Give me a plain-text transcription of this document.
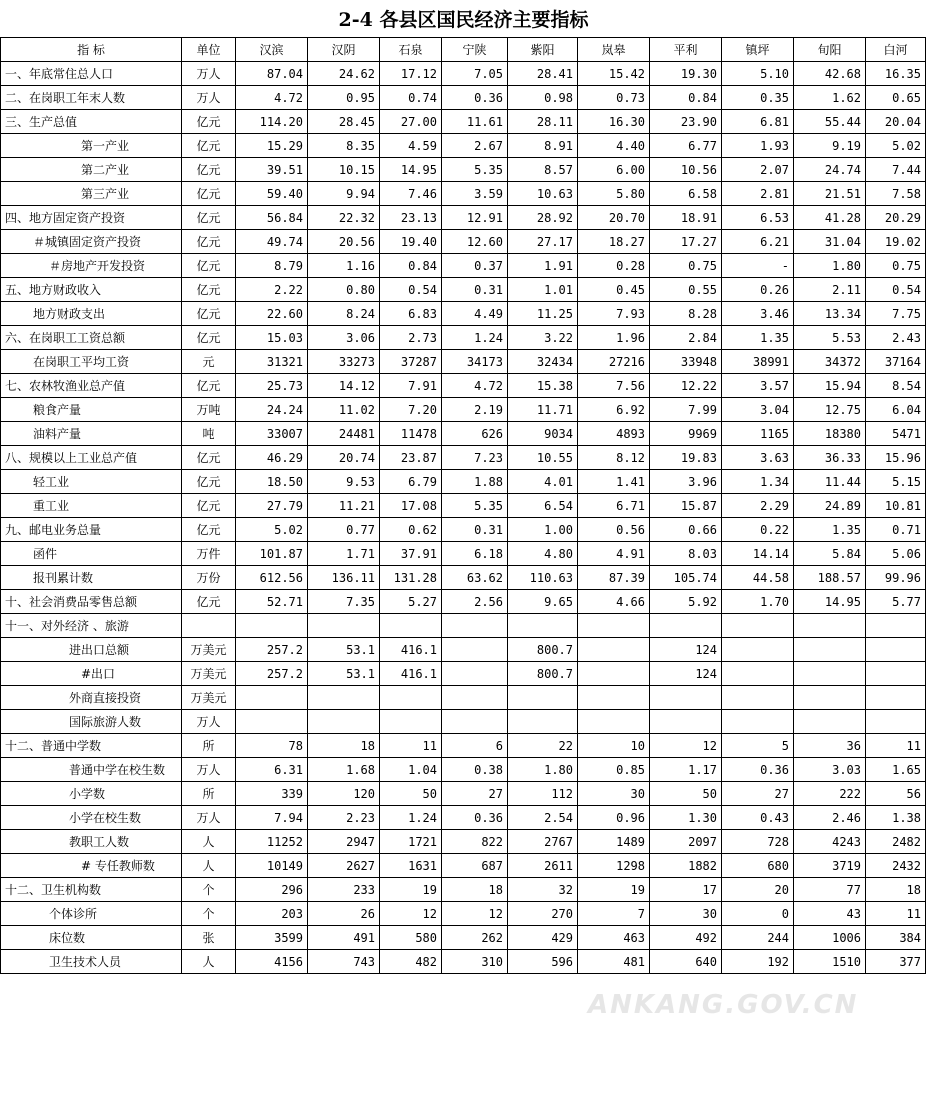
2-4 各县区国民经济主要指标
指 标	单位	汉滨	汉阴	石泉	宁陕	紫阳	岚皋	平利	镇坪	旬阳	白河
一、年底常住总人口	万人	87.04	24.62	17.12	7.05	28.41	15.42	19.30	5.10	42.68	16.35
二、在岗职工年末人数	万人	4.72	0.95	0.74	0.36	0.98	0.73	0.84	0.35	1.62	0.65
三、生产总值	亿元	114.20	28.45	27.00	11.61	28.11	16.30	23.90	6.81	55.44	20.04
第一产业	亿元	15.29	8.35	4.59	2.67	8.91	4.40	6.77	1.93	9.19	5.02
第二产业	亿元	39.51	10.15	14.95	5.35	8.57	6.00	10.56	2.07	24.74	7.44
第三产业	亿元	59.40	9.94	7.46	3.59	10.63	5.80	6.58	2.81	21.51	7.58
四、地方固定资产投资	亿元	56.84	22.32	23.13	12.91	28.92	20.70	18.91	6.53	41.28	20.29
＃城镇固定资产投资	亿元	49.74	20.56	19.40	12.60	27.17	18.27	17.27	6.21	31.04	19.02
＃房地产开发投资	亿元	8.79	1.16	0.84	0.37	1.91	0.28	0.75	-	1.80	0.75
五、地方财政收入	亿元	2.22	0.80	0.54	0.31	1.01	0.45	0.55	0.26	2.11	0.54
地方财政支出	亿元	22.60	8.24	6.83	4.49	11.25	7.93	8.28	3.46	13.34	7.75
六、在岗职工工资总额	亿元	15.03	3.06	2.73	1.24	3.22	1.96	2.84	1.35	5.53	2.43
在岗职工平均工资	元	31321	33273	37287	34173	32434	27216	33948	38991	34372	37164
七、农林牧渔业总产值	亿元	25.73	14.12	7.91	4.72	15.38	7.56	12.22	3.57	15.94	8.54
粮食产量	万吨	24.24	11.02	7.20	2.19	11.71	6.92	7.99	3.04	12.75	6.04
油料产量	吨	33007	24481	11478	626	9034	4893	9969	1165	18380	5471
八、规模以上工业总产值	亿元	46.29	20.74	23.87	7.23	10.55	8.12	19.83	3.63	36.33	15.96
轻工业	亿元	18.50	9.53	6.79	1.88	4.01	1.41	3.96	1.34	11.44	5.15
重工业	亿元	27.79	11.21	17.08	5.35	6.54	6.71	15.87	2.29	24.89	10.81
九、邮电业务总量	亿元	5.02	0.77	0.62	0.31	1.00	0.56	0.66	0.22	1.35	0.71
函件	万件	101.87	1.71	37.91	6.18	4.80	4.91	8.03	14.14	5.84	5.06
报刊累计数	万份	612.56	136.11	131.28	63.62	110.63	87.39	105.74	44.58	188.57	99.96
十、社会消费品零售总额	亿元	52.71	7.35	5.27	2.56	9.65	4.66	5.92	1.70	14.95	5.77
十一、对外经济 、旅游											
进出口总额	万美元	257.2	53.1	416.1		800.7		124			
#出口	万美元	257.2	53.1	416.1		800.7		124			
外商直接投资	万美元										
国际旅游人数	万人										
十二、普通中学数	所	78	18	11	6	22	10	12	5	36	11
普通中学在校生数	万人	6.31	1.68	1.04	0.38	1.80	0.85	1.17	0.36	3.03	1.65
小学数	所	339	120	50	27	112	30	50	27	222	56
小学在校生数	万人	7.94	2.23	1.24	0.36	2.54	0.96	1.30	0.43	2.46	1.38
教职工人数	人	11252	2947	1721	822	2767	1489	2097	728	4243	2482
# 专任教师数	人	10149	2627	1631	687	2611	1298	1882	680	3719	2432
十二、卫生机构数	个	296	233	19	18	32	19	17	20	77	18
个体诊所	个	203	26	12	12	270	7	30	0	43	11
床位数	张	3599	491	580	262	429	463	492	244	1006	384
卫生技术人员	人	4156	743	482	310	596	481	640	192	1510	377
ANKANG.GOV.CN
